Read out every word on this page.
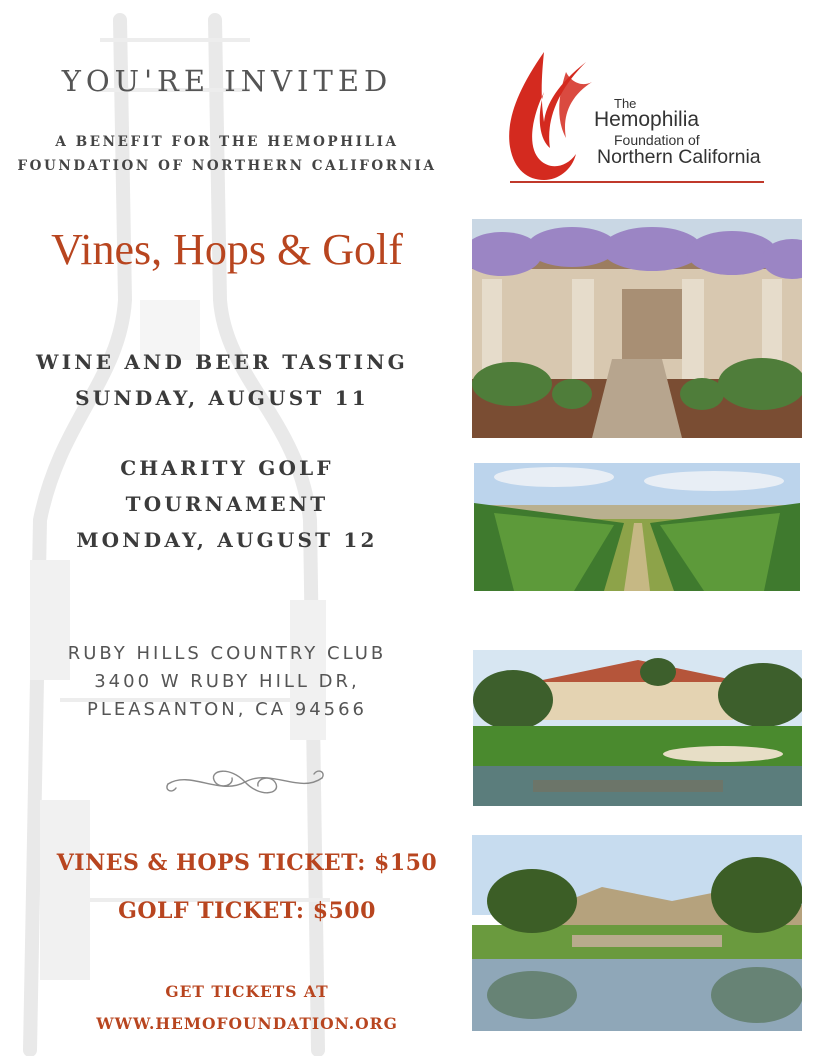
YOU'RE INVITED
A BENEFIT FOR THE HEMOPHILIA
FOUNDATION OF NORTHERN CALIFORNIA
The
Hemophilia
Foundation of
Northern California
Vines, Hops & Golf
WINE AND BEER TASTING
SUNDAY, AUGUST 11
CHARITY GOLF
TOURNAMENT
MONDAY, AUGUST 12
RUBY HILLS COUNTRY CLUB
3400 W RUBY HILL DR,
PLEASANTON, CA 94566
VINES & HOPS TICKET: $150
GOLF TICKET: $500
GET TICKETS AT
WWW.HEMOFOUNDATION.ORG
